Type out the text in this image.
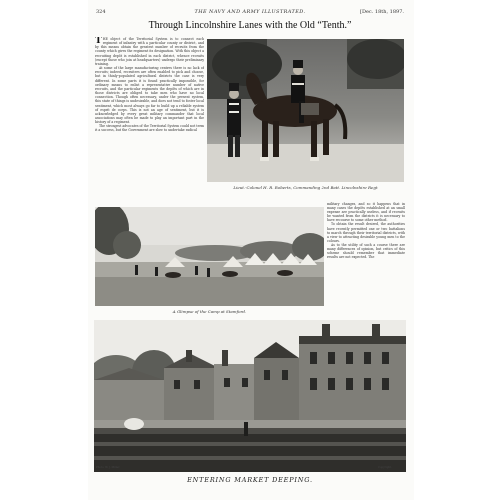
324	THE NAVY AND ARMY ILLUSTRATED.	[Dec. 18th, 1897.
Through Lincolnshire Lanes with the Old “Tenth.”

THE object of the Territorial System is to connect each regiment of infantry with a particular county or district, and by this means obtain the greatest number of recruits from the county which gives the regiment its designation. With this object a recruiting depôt is established in each district, whence recruits (except those who join at headquarters) undergo their preliminary training.

At some of the large manufacturing centres there is no lack of recruits; indeed, recruiters are often enabled to pick and choose, but in thinly-populated agricultural districts the case is very different. In some parts it is found practically impossible, for ordinary means to enlist a representative number of native recruits, and the particular regiments the depôts of which are in those districts are obliged to take men who have no local connection. Though often necessary, under the present system, this state of things is undesirable, and does not tend to foster local sentiment, which most always go far to build up a reliable system of esprit de corps. This is not an age of sentiment, but it is acknowledged by every great military commander that local associations may often be made to play an important part in the history of a regiment.

The strongest advocates of the Territorial System could not term it a success, but the Government are slow to undertake radical

Lieut.-Colonel H. R. Roberts, Commanding 2nd Batt. Lincolnshire Regt
A Glimpse of the Camp at Stamford.

military changes, and so it happens that in many cases the depôts established at an small expense are practically useless, and if recruits be wanted from the districts it is necessary to have recourse to some other method.

To obtain the result desired, the authorities have recently permitted one or two battalions to march through their territorial districts, with a view to attracting desirable young men to the colours.

As to the utility of such a course there are many differences of opinion, but critics of this scheme should remember that immediate results are not expected. The

Photo. W. J. Miller.	Copyright.
ENTERING MARKET DEEPING.
